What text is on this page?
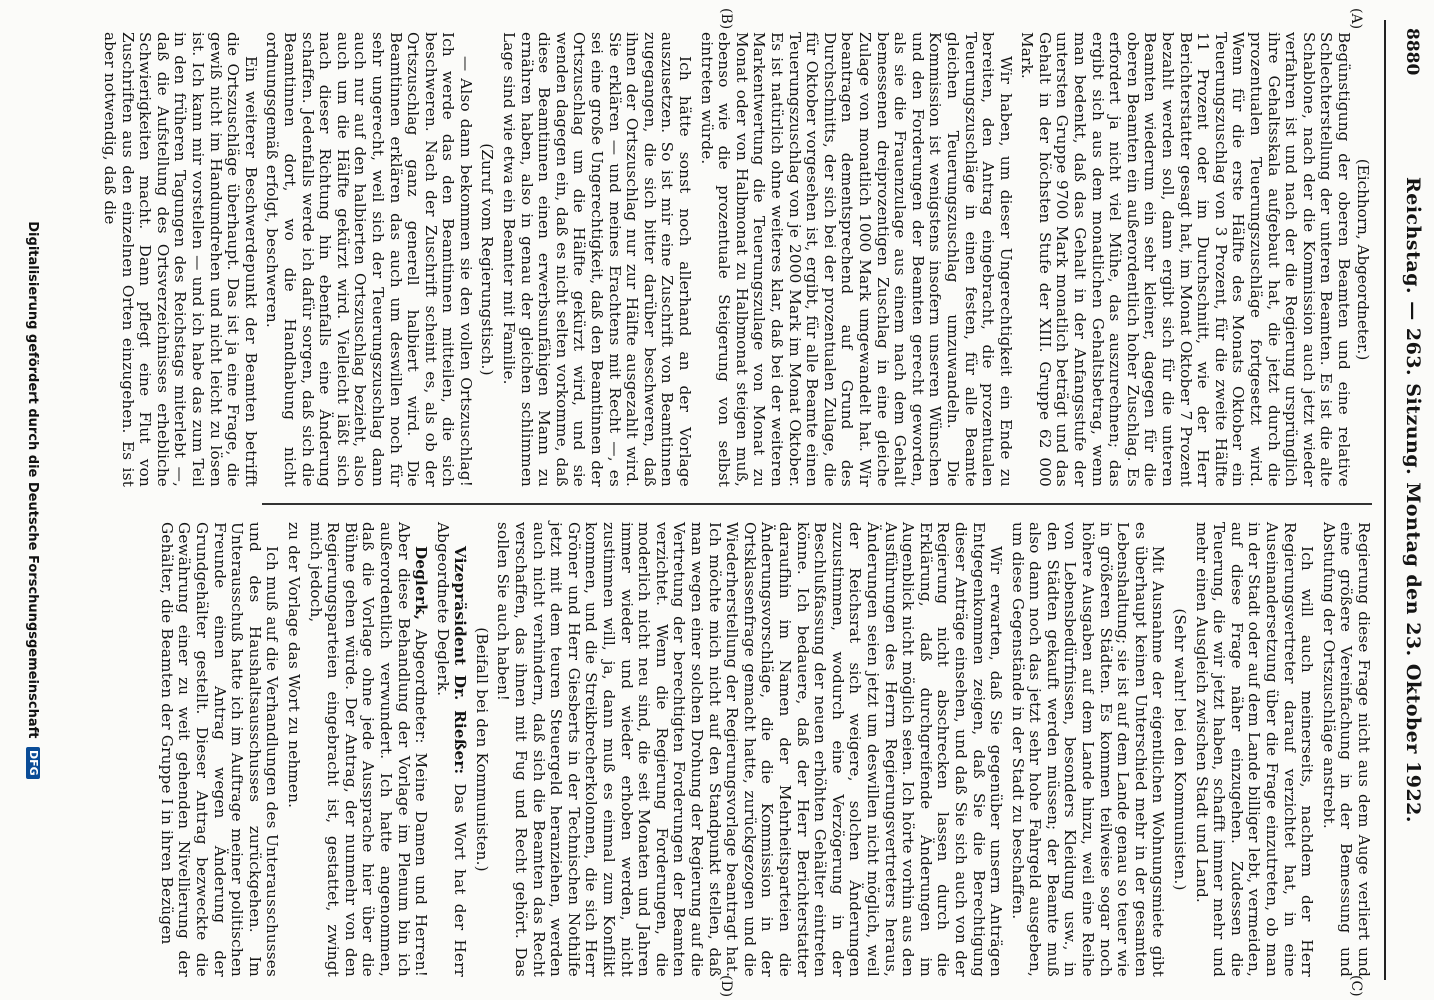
8880
Reichstag. — 263. Sitzung. Montag den 23. Oktober 1922.
(A)
(B)
(C)
(D)

(Eichhorn, Abgeordneter.)

Begünstigung der oberen Beamten und eine relative Schlechterstellung der unteren Beamten. Es ist die alte Schablone, nach der die Kommission auch jetzt wieder verfahren ist und nach der die Regierung ursprünglich ihre Gehaltsskala aufgebaut hat, die jetzt durch die prozentualen Teuerungszuschläge fortgesetzt wird. Wenn für die erste Hälfte des Monats Oktober ein Teuerungszuschlag von 3 Prozent, für die zweite Hälfte 11 Prozent oder im Durchschnitt, wie der Herr Berichterstatter gesagt hat, im Monat Oktober 7 Prozent bezahlt werden soll, dann ergibt sich für die unteren Beamten wiederum ein sehr kleiner, dagegen für die oberen Beamten ein außerordentlich hoher Zuschlag. Es erfordert ja nicht viel Mühe, das auszurechnen; das ergibt sich aus dem monatlichen Gehaltsbetrag, wenn man bedenkt, daß das Gehalt in der Anfangsstufe der untersten Gruppe 9700 Mark monatlich beträgt und das Gehalt in der höchsten Stufe der XIII. Gruppe 62 000 Mark.

Wir haben, um dieser Ungerechtigkeit ein Ende zu bereiten, den Antrag eingebracht, die prozentualen Teuerungszuschläge in einen festen, für alle Beamte gleichen Teuerungszuschlag umzuwandeln. Die Kommission ist wenigstens insofern unseren Wünschen und den Forderungen der Beamten gerecht geworden, als sie die Frauenzulage aus einem nach dem Gehalt bemessenen dreiprozentigen Zuschlag in eine gleiche Zulage von monatlich 1000 Mark umgewandelt hat. Wir beantragen dementsprechend auf Grund des Durchschnitts, der sich bei der prozentualen Zulage, die für Oktober vorgesehen ist, ergibt, für alle Beamte einen Teuerungszuschlag von je 2000 Mark im Monat Oktober. Es ist natürlich ohne weiteres klar, daß bei der weiteren Markentwertung die Teuerungszulage von Monat zu Monat oder von Halbmonat zu Halbmonat steigen muß, ebenso wie die prozentuale Steigerung von selbst eintreten würde.

Ich hätte sonst noch allerhand an der Vorlage auszusetzen. So ist mir eine Zuschrift von Beamtinnen zugegangen, die sich bitter darüber beschweren, daß ihnen der Ortszuschlag nur zur Hälfte ausgezahlt wird. Sie erklären — und meines Erachtens mit Recht —, es sei eine große Ungerechtigkeit, daß den Beamtinnen der Ortszuschlag um die Hälfte gekürzt wird, und sie wenden dagegen ein, daß es nicht selten vorkomme, daß diese Beamtinnen einen erwerbsunfähigen Mann zu ernähren haben, also in genau der gleichen schlimmen Lage sind wie etwa ein Beamter mit Familie.

(Zuruf vom Regierungstisch.)

— Also dann bekommen sie den vollen Ortszuschlag! Ich werde das den Beamtinnen mitteilen, die sich beschweren. Nach der Zuschrift scheint es, als ob der Ortszuschlag ganz generell halbiert wird. Die Beamtinnen erklären das auch um deswillen noch für sehr ungerecht, weil sich der Teuerungszuschlag dann auch nur auf den halbierten Ortszuschlag bezieht, also auch um die Hälfte gekürzt wird. Vielleicht läßt sich nach dieser Richtung hin ebenfalls eine Änderung schaffen. Jedenfalls werde ich dafür sorgen, daß sich die Beamtinnen dort, wo die Handhabung nicht ordnungsgemäß erfolgt, beschweren.

Ein weiterer Beschwerdepunkt der Beamten betrifft die Ortszuschläge überhaupt. Das ist ja eine Frage, die gewiß nicht im Handumdrehen und nicht leicht zu lösen ist. Ich kann mir vorstellen — und ich habe das zum Teil in den früheren Tagungen des Reichstags miterlebt —, daß die Aufstellung des Ortsverzeichnisses erhebliche Schwierigkeiten macht. Dann pflegt eine Flut von Zuschriften aus den einzelnen Orten einzugehen. Es ist aber notwendig, daß die

Regierung diese Frage nicht aus dem Auge verliert und eine größere Vereinfachung in der Bemessung und Abstufung der Ortszuschläge anstrebt.

Ich will auch meinerseits, nachdem der Herr Regierungsvertreter darauf verzichtet hat, in eine Auseinandersetzung über die Frage einzutreten, ob man in der Stadt oder auf dem Lande billiger lebt, vermeiden, auf diese Frage näher einzugehen. Zudessen die Teuerung, die wir jetzt haben, schafft immer mehr und mehr einen Ausgleich zwischen Stadt und Land.

(Sehr wahr! bei den Kommunisten.)

Mit Ausnahme der eigentlichen Wohnungsmiete gibt es überhaupt keinen Unterschied mehr in der gesamten Lebenshaltung; sie ist auf dem Lande genau so teuer wie in größeren Städten. Es kommen teilweise sogar noch höhere Ausgaben auf dem Lande hinzu, weil eine Reihe von Lebensbedürfnissen, besonders Kleidung usw., in den Städten gekauft werden müssen; der Beamte muß also dann noch das jetzt sehr hohe Fahrgeld ausgeben, um diese Gegenstände in der Stadt zu beschaffen.

Wir erwarten, daß Sie gegenüber unsern Anträgen Entgegenkommen zeigen, daß Sie die Berechtigung dieser Anträge einsehen, und daß Sie sich auch von der Regierung nicht abschrecken lassen durch die Erklärung, daß durchgreifende Änderungen im Augenblick nicht möglich seien. Ich hörte vorhin aus den Ausführungen des Herrn Regierungsvertreters heraus, Änderungen seien jetzt um deswillen nicht möglich, weil der Reichsrat sich weigere, solchen Änderungen zuzustimmen, wodurch eine Verzögerung in der Beschlußfassung der neuen erhöhten Gehälter eintreten könne. Ich bedauere, daß der Herr Berichterstatter daraufhin im Namen der Mehrheitsparteien die Änderungsvorschläge, die die Kommission in der Ortsklassenfrage gemacht hatte, zurückgezogen und die Wiederherstellung der Regierungsvorlage beantragt hat. Ich möchte mich nicht auf den Standpunkt stellen, daß man wegen einer solchen Drohung der Regierung auf die Vertretung der berechtigten Forderungen der Beamten verzichtet. Wenn die Regierung Forderungen, die moderlich nicht neu sind, die seit Monaten und Jahren immer wieder und wieder erhoben werden, nicht zustimmen will, ja, dann muß es einmal zum Konflikt kommen, und die Streikbrecherkolonnen, die sich Herr Gröner und Herr Giesberts in der Technischen Nothilfe jetzt mit dem teuren Steuergeld heranziehen, werden auch nicht verhindern, daß sich die Beamten das Recht verschaffen, das ihnen mit Fug und Recht gehört. Das sollen Sie auch haben!

(Beifall bei den Kommunisten.)

Vizepräsident Dr. Rießer: Das Wort hat der Herr Abgeordnete Deglerk.

Deglerk, Abgeordneter: Meine Damen und Herren! Aber diese Behandlung der Vorlage im Plenum bin ich außerordentlich verwundert. Ich hatte angenommen, daß die Vorlage ohne jede Aussprache hier über die Bühne gehen würde. Der Antrag, der nunmehr von den Regierungsparteien eingebracht ist, gestattet, zwingt mich jedoch,

zu der Vorlage das Wort zu nehmen.

Ich muß auf die Verhandlungen des Unterausschusses und des Haushaltsausschusses zurückgehen. Im Unterausschuß hatte ich im Auftrage meiner politischen Freunde einen Antrag wegen Änderung der Grundgehälter gestellt. Dieser Antrag bezweckte die Gewährung einer zu weit gehenden Nivellierung der Gehälter, die Beamten der Gruppe I in ihren Bezügen

Digitalisierung gefördert durch die Deutsche Forschungsgemeinschaft DFG
